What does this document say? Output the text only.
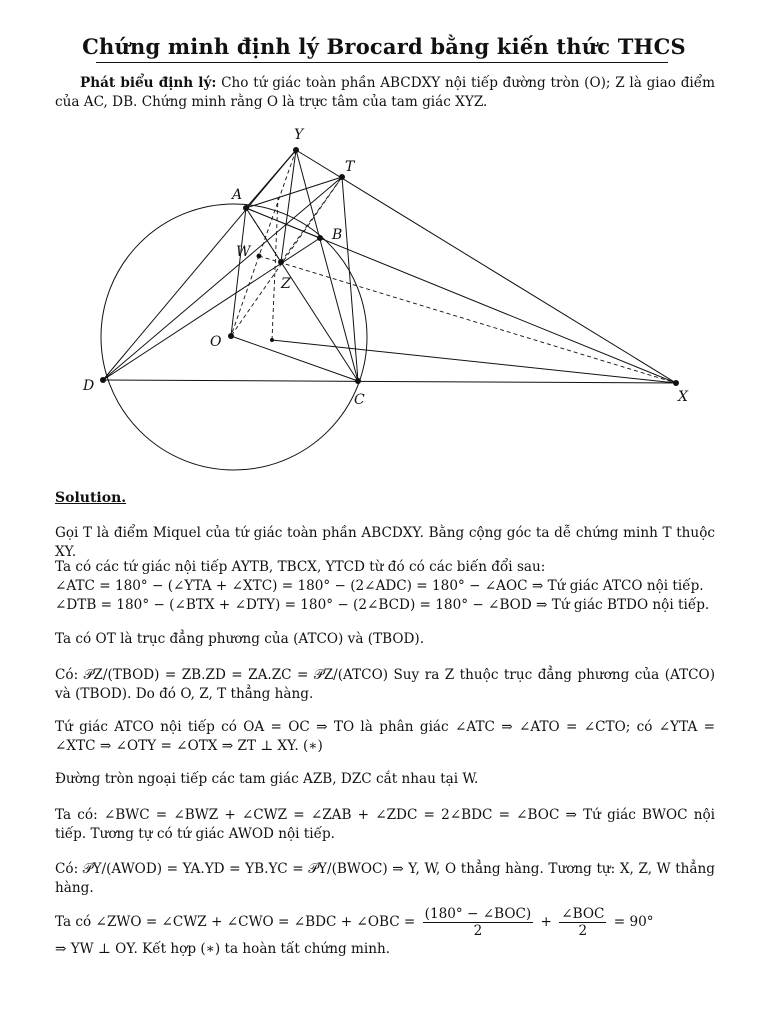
Chứng minh định lý Brocard bằng kiến thức THCS

Phát biểu định lý: Cho tứ giác toàn phần ABCDXY nội tiếp đường tròn (O); Z là giao điểm của AC, DB. Chứng minh rằng O là trực tâm của tam giác XYZ.

Y
T
A
B
W
Z
O
D
C	X
Solution.

Gọi T là điểm Miquel của tứ giác toàn phần ABCDXY. Bằng cộng góc ta dễ chứng minh T thuộc XY.

Ta có các tứ giác nội tiếp AYTB, TBCX, YTCD từ đó có các biến đổi sau:
∠ATC = 180° − (∠YTA + ∠XTC) = 180° − (2∠ADC) = 180° − ∠AOC ⇒ Tứ giác ATCO nội tiếp.
∠DTB = 180° − (∠BTX + ∠DTY) = 180° − (2∠BCD) = 180° − ∠BOD ⇒ Tứ giác BTDO nội tiếp.

Ta có OT là trục đẳng phương của (ATCO) và (TBOD).

Có: 𝒫Z/(TBOD) = ZB.ZD = ZA.ZC = 𝒫Z/(ATCO) Suy ra Z thuộc trục đẳng phương của (ATCO) và (TBOD). Do đó O, Z, T thẳng hàng.

Tứ giác ATCO nội tiếp có OA = OC ⇒ TO là phân giác ∠ATC ⇒ ∠ATO = ∠CTO; có ∠YTA = ∠XTC ⇒ ∠OTY = ∠OTX ⇒ ZT ⊥ XY. (∗)

Đường tròn ngoại tiếp các tam giác AZB, DZC cắt nhau tại W.

Ta có: ∠BWC = ∠BWZ + ∠CWZ = ∠ZAB + ∠ZDC = 2∠BDC = ∠BOC ⇒ Tứ giác BWOC nội tiếp. Tương tự có tứ giác AWOD nội tiếp.

Có: 𝒫Y/(AWOD) = YA.YD = YB.YC = 𝒫Y/(BWOC) ⇒ Y, W, O thẳng hàng. Tương tự: X, Z, W thẳng hàng.

Ta có ∠ZWO = ∠CWZ + ∠CWO = ∠BDC + ∠OBC = $\frac{\text{(180° − ∠BOC)}}{2} + \frac{\text{∠BOC}}{2} = 90^\circ$

⇒ YW ⊥ OY. Kết hợp (∗) ta hoàn tất chứng minh.
